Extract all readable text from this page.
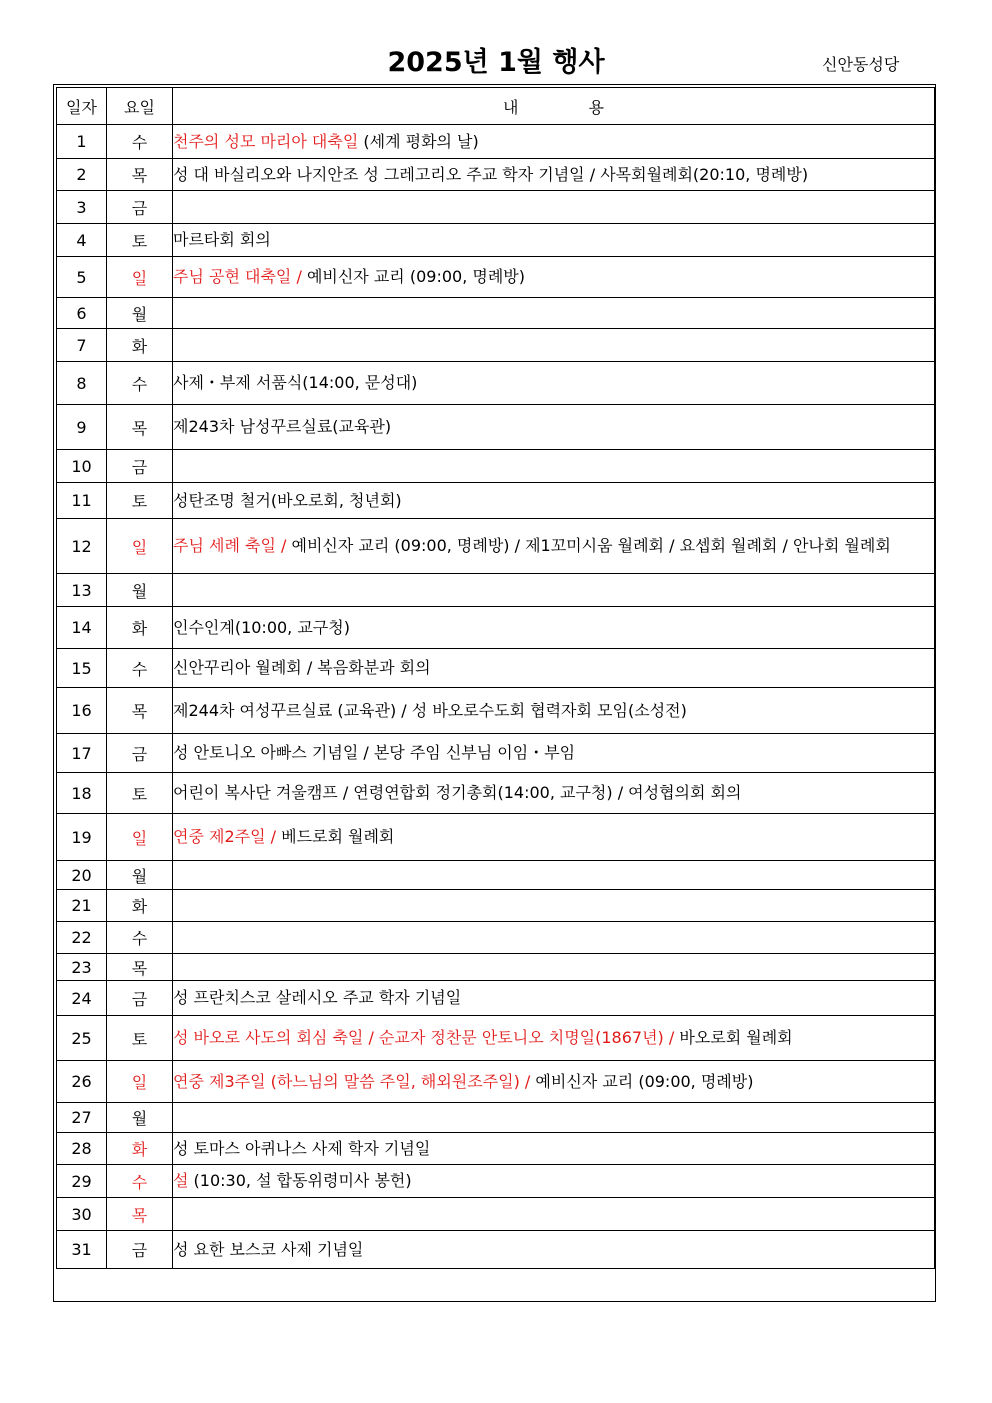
2025년 1월 행사	신안동성당
일자	요일	내 용
1	수	천주의 성모 마리아 대축일 (세계 평화의 날)
2	목	성 대 바실리오와 나지안조 성 그레고리오 주교 학자 기념일 / 사목회월례회(20:10, 명례방)
3	금	
4	토	마르타회 회의
5	일	주님 공현 대축일 / 예비신자 교리 (09:00, 명례방)
6	월	
7	화	
8	수	사제・부제 서품식(14:00, 문성대)
9	목	제243차 남성꾸르실료(교육관)
10	금	
11	토	성탄조명 철거(바오로회, 청년회)
12	일	주님 세례 축일 / 예비신자 교리 (09:00, 명례방) / 제1꼬미시움 월례회 / 요셉회 월례회 / 안나회 월례회
13	월	
14	화	인수인계(10:00, 교구청)
15	수	신안꾸리아 월례회 / 복음화분과 회의
16	목	제244차 여성꾸르실료 (교육관) / 성 바오로수도회 협력자회 모임(소성전)
17	금	성 안토니오 아빠스 기념일 / 본당 주임 신부님 이임・부임
18	토	어린이 복사단 겨울캠프 / 연령연합회 정기총회(14:00, 교구청) / 여성협의회 회의
19	일	연중 제2주일 / 베드로회 월례회
20	월	
21	화	
22	수	
23	목	
24	금	성 프란치스코 살레시오 주교 학자 기념일
25	토	성 바오로 사도의 회심 축일 / 순교자 정찬문 안토니오 치명일(1867년) / 바오로회 월례회
26	일	연중 제3주일 (하느님의 말씀 주일, 해외원조주일) / 예비신자 교리 (09:00, 명례방)
27	월	
28	화	성 토마스 아퀴나스 사제 학자 기념일
29	수	설 (10:30, 설 합동위령미사 봉헌)
30	목	
31	금	성 요한 보스코 사제 기념일
